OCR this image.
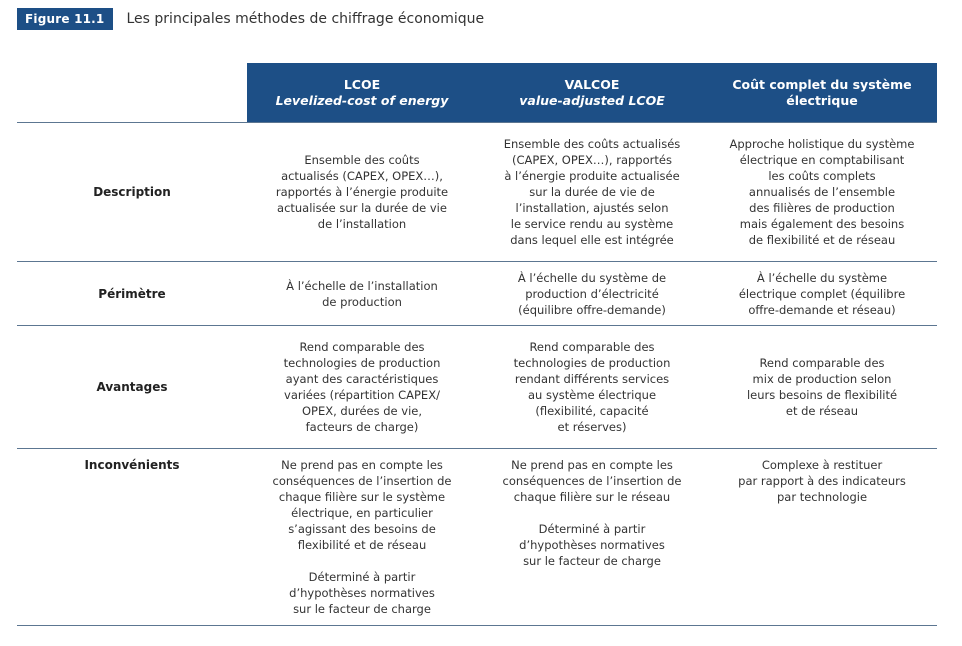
Figure 11.1	Les principales méthodes de chiffrage économique
LCOE
Levelized-cost of energy
VALCOE
value-adjusted LCOE
Coût complet du système
électrique
Description
Ensemble des coûts
actualisés (CAPEX, OPEX…),
rapportés à l’énergie produite
actualisée sur la durée de vie
de l’installation
Ensemble des coûts actualisés
(CAPEX, OPEX…), rapportés
à l’énergie produite actualisée
sur la durée de vie de
l’installation, ajustés selon
le service rendu au système
dans lequel elle est intégrée
Approche holistique du système
électrique en comptabilisant
les coûts complets
annualisés de l’ensemble
des filières de production
mais également des besoins
de flexibilité et de réseau
Périmètre
À l’échelle de l’installation
de production
À l’échelle du système de
production d’électricité
(équilibre offre-demande)
À l’échelle du système
électrique complet (équilibre
offre-demande et réseau)
Avantages
Rend comparable des
technologies de production
ayant des caractéristiques
variées (répartition CAPEX/
OPEX, durées de vie,
facteurs de charge)
Rend comparable des
technologies de production
rendant différents services
au système électrique
(flexibilité, capacité
et réserves)
Rend comparable des
mix de production selon
leurs besoins de flexibilité
et de réseau
Inconvénients	Ne prend pas en compte les
conséquences de l’insertion de
chaque filière sur le système
électrique, en particulier
s’agissant des besoins de
flexibilité et de réseau
Déterminé à partir
d’hypothèses normatives
sur le facteur de charge
Ne prend pas en compte les
conséquences de l’insertion de
chaque filière sur le réseau
Déterminé à partir
d’hypothèses normatives
sur le facteur de charge
Complexe à restituer
par rapport à des indicateurs
par technologie
